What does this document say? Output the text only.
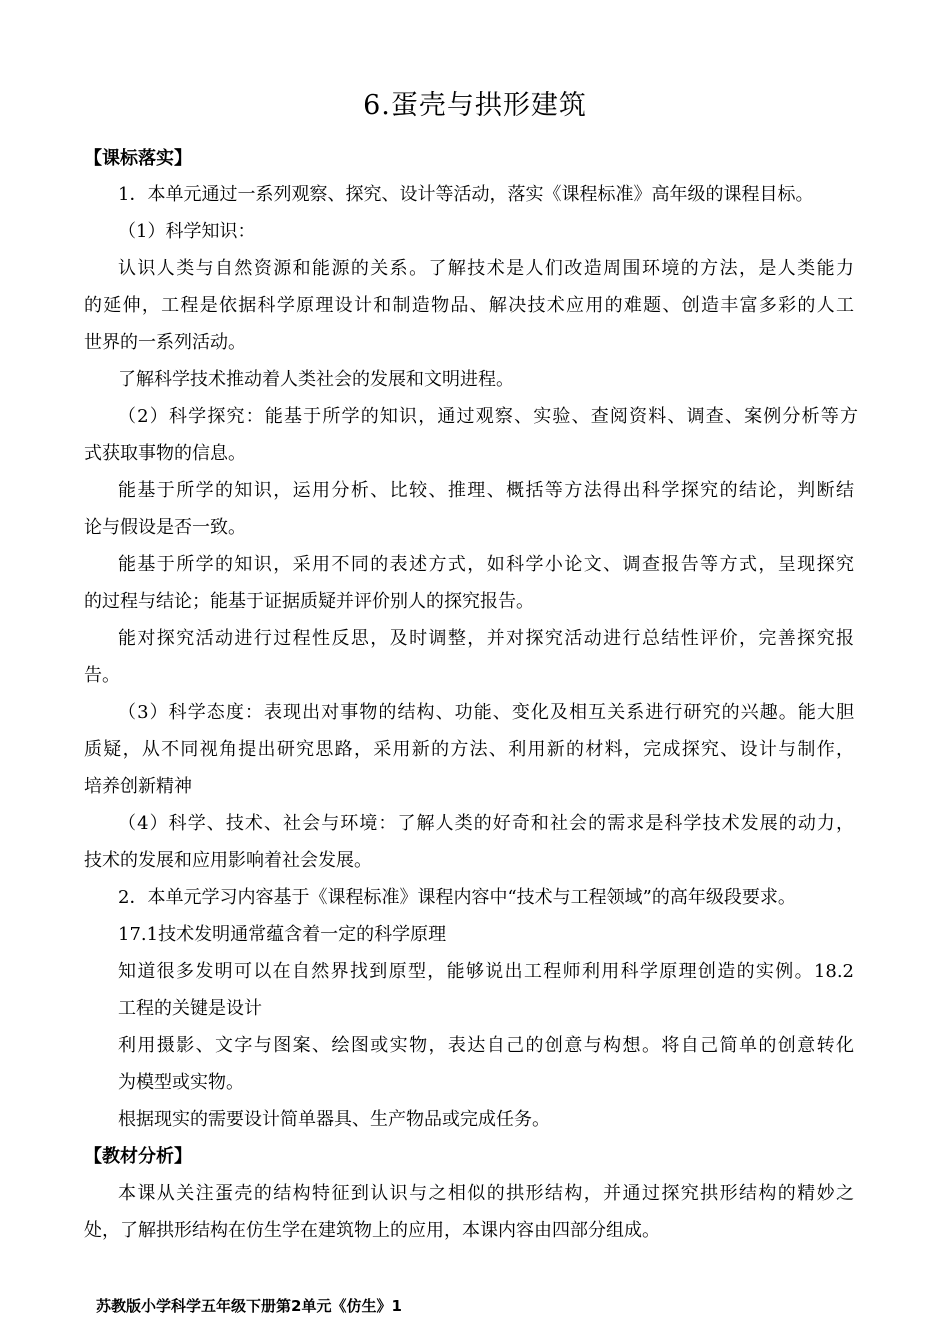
6.蛋壳与拱形建筑
【课标落实】
1．本单元通过一系列观察、探究、设计等活动，落实《课程标准》高年级的课程目标。
（1）科学知识：
认识人类与自然资源和能源的关系。了解技术是人们改造周围环境的方法，是人类能力
的延伸，工程是依据科学原理设计和制造物品、解决技术应用的难题、创造丰富多彩的人工
世界的一系列活动。
了解科学技术推动着人类社会的发展和文明进程。
（2）科学探究：能基于所学的知识，通过观察、实验、查阅资料、调查、案例分析等方
式获取事物的信息。
能基于所学的知识，运用分析、比较、推理、概括等方法得出科学探究的结论，判断结
论与假设是否一致。
能基于所学的知识，采用不同的表述方式，如科学小论文、调查报告等方式，呈现探究
的过程与结论；能基于证据质疑并评价别人的探究报告。
能对探究活动进行过程性反思，及时调整，并对探究活动进行总结性评价，完善探究报
告。
（3）科学态度：表现出对事物的结构、功能、变化及相互关系进行研究的兴趣。能大胆
质疑，从不同视角提出研究思路，采用新的方法、利用新的材料，完成探究、设计与制作，
培养创新精神
（4）科学、技术、社会与环境：了解人类的好奇和社会的需求是科学技术发展的动力，
技术的发展和应用影响着社会发展。
2．本单元学习内容基于《课程标准》课程内容中“技术与工程领域”的高年级段要求。
17.1技术发明通常蕴含着一定的科学原理
知道很多发明可以在自然界找到原型，能够说出工程师利用科学原理创造的实例。18.2
工程的关键是设计
利用摄影、文字与图案、绘图或实物，表达自己的创意与构想。将自己简单的创意转化
为模型或实物。
根据现实的需要设计简单器具、生产物品或完成任务。
【教材分析】
本课从关注蛋壳的结构特征到认识与之相似的拱形结构，并通过探究拱形结构的精妙之
处，了解拱形结构在仿生学在建筑物上的应用，本课内容由四部分组成。
苏教版小学科学五年级下册第2单元《仿生》1
